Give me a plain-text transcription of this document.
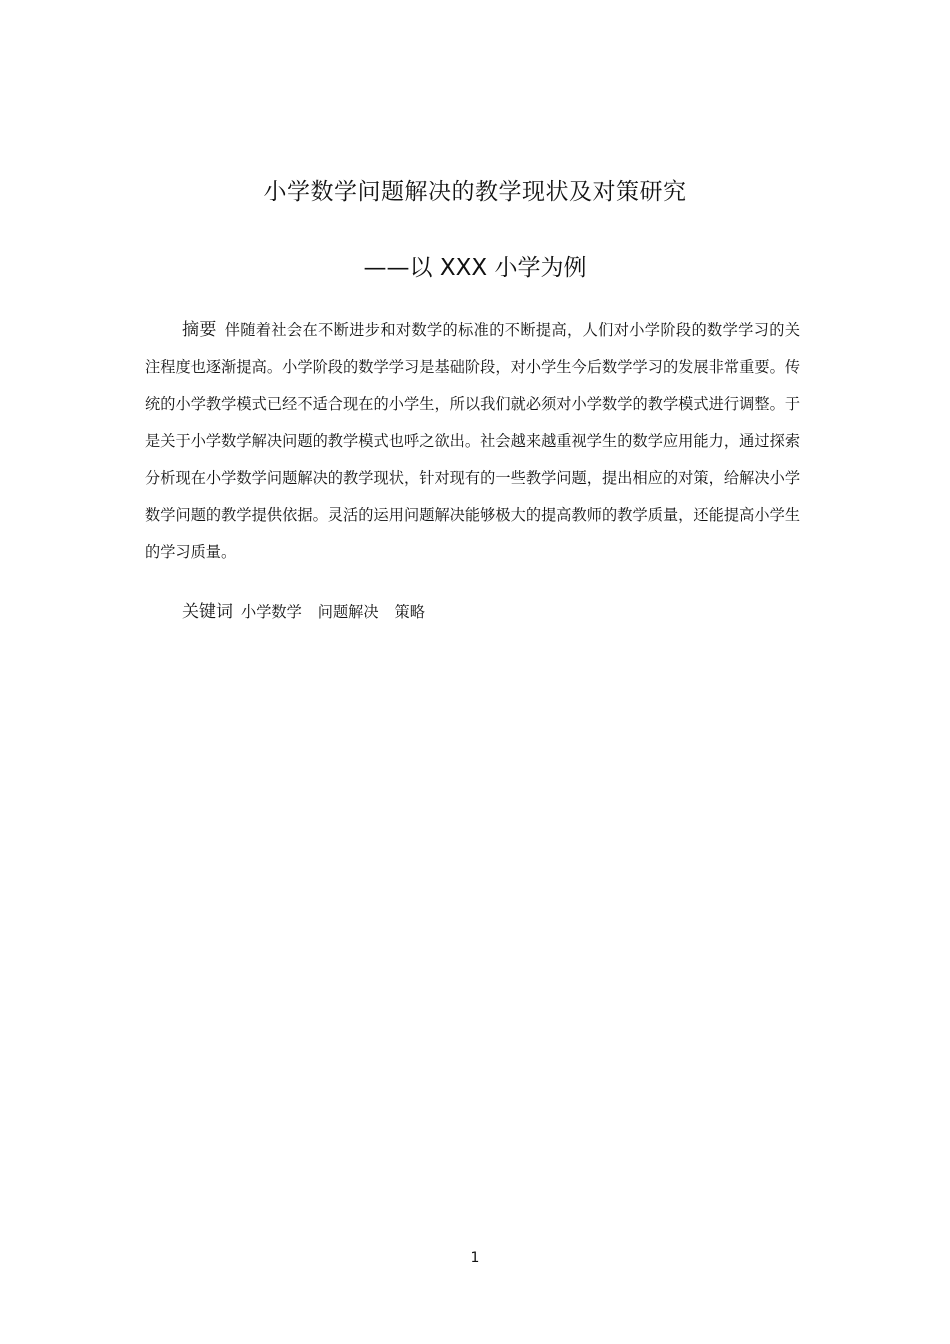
小学数学问题解决的教学现状及对策研究
——以 XXX 小学为例

摘要 伴随着社会在不断进步和对数学的标准的不断提高，人们对小学阶段的数学学习的关注程度也逐渐提高。小学阶段的数学学习是基础阶段，对小学生今后数学学习的发展非常重要。传统的小学教学模式已经不适合现在的小学生，所以我们就必须对小学数学的教学模式进行调整。于是关于小学数学解决问题的教学模式也呼之欲出。社会越来越重视学生的数学应用能力，通过探索分析现在小学数学问题解决的教学现状，针对现有的一些教学问题，提出相应的对策，给解决小学数学问题的教学提供依据。灵活的运用问题解决能够极大的提高教师的教学质量，还能提高小学生的学习质量。

关键词 小学数学 问题解决 策略

1
